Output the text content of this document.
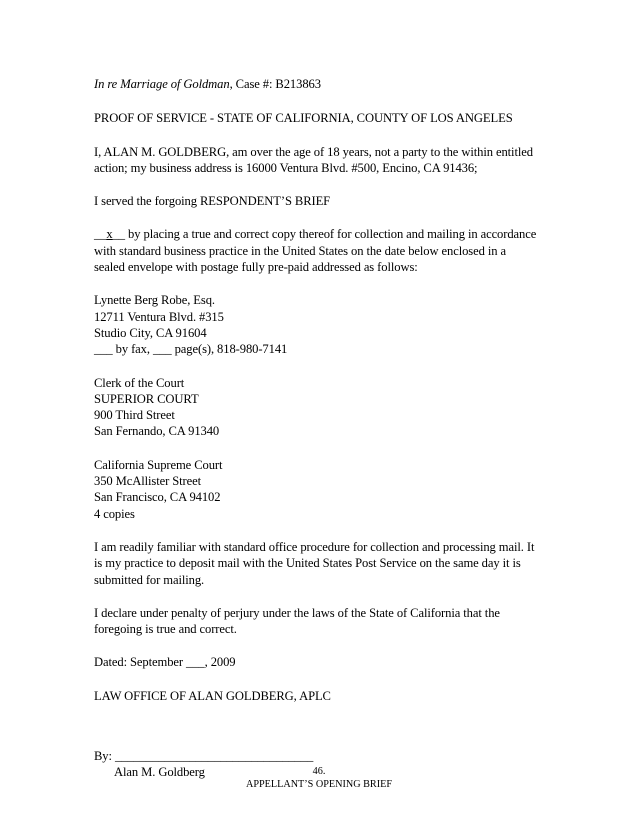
In re Marriage of Goldman, Case #: B213863
PROOF OF SERVICE - STATE OF CALIFORNIA, COUNTY OF LOS ANGELES
I, ALAN M. GOLDBERG, am over the age of 18 years, not a party to the within entitled
action; my business address is 16000 Ventura Blvd. #500, Encino, CA 91436;
I served the forgoing RESPONDENT’S BRIEF
__x__ by placing a true and correct copy thereof for collection and mailing in accordance
with standard business practice in the United States on the date below enclosed in a
sealed envelope with postage fully pre-paid addressed as follows:
Lynette Berg Robe, Esq.
12711 Ventura Blvd. #315
Studio City, CA 91604
___ by fax, ___ page(s), 818-980-7141
Clerk of the Court
SUPERIOR COURT
900 Third Street
San Fernando, CA 91340
California Supreme Court
350 McAllister Street
San Francisco, CA 94102
4 copies
I am readily familiar with standard office procedure for collection and processing mail. It
is my practice to deposit mail with the United States Post Service on the same day it is
submitted for mailing.
I declare under penalty of perjury under the laws of the State of California that the
foregoing is true and correct.
Dated: September ___, 2009
LAW OFFICE OF ALAN GOLDBERG, APLC
By: ________________________________
Alan M. Goldberg	46.
APPELLANT’S OPENING BRIEF
